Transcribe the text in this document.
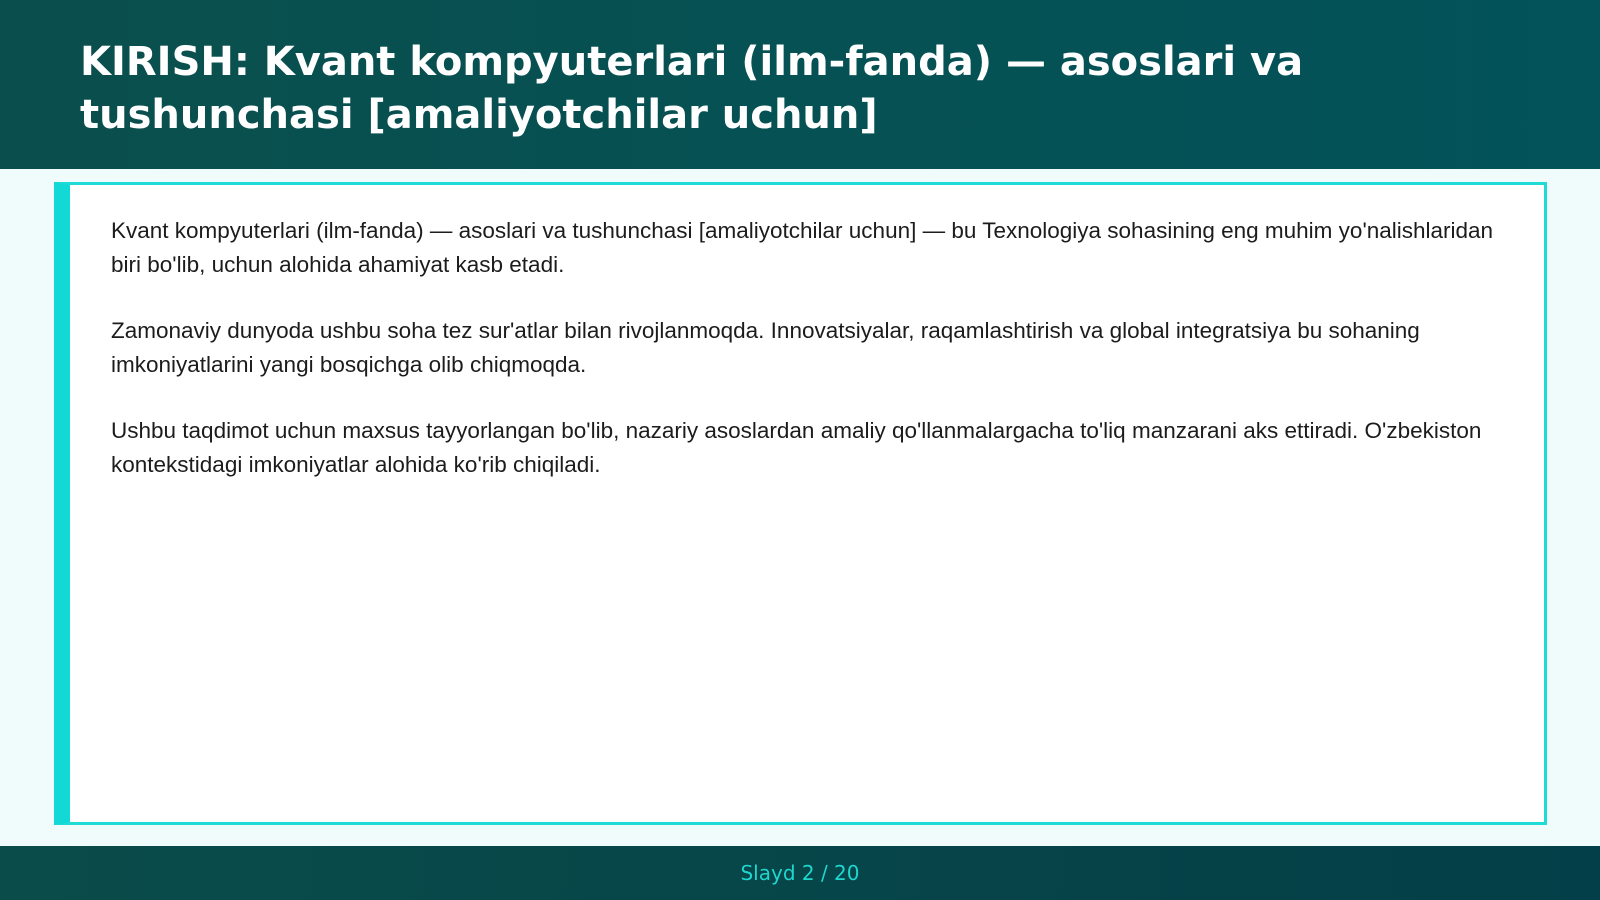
KIRISH: Kvant kompyuterlari (ilm-fanda) — asoslari va tushunchasi [amaliyotchilar uchun]

Kvant kompyuterlari (ilm-fanda) — asoslari va tushunchasi [amaliyotchilar uchun] — bu Texnologiya sohasining eng muhim yo'nalishlaridan biri bo'lib, uchun alohida ahamiyat kasb etadi.

Zamonaviy dunyoda ushbu soha tez sur'atlar bilan rivojlanmoqda. Innovatsiyalar, raqamlashtirish va global integratsiya bu sohaning imkoniyatlarini yangi bosqichga olib chiqmoqda.

Ushbu taqdimot uchun maxsus tayyorlangan bo'lib, nazariy asoslardan amaliy qo'llanmalargacha to'liq manzarani aks ettiradi. O'zbekiston kontekstidagi imkoniyatlar alohida ko'rib chiqiladi.

Slayd 2 / 20
